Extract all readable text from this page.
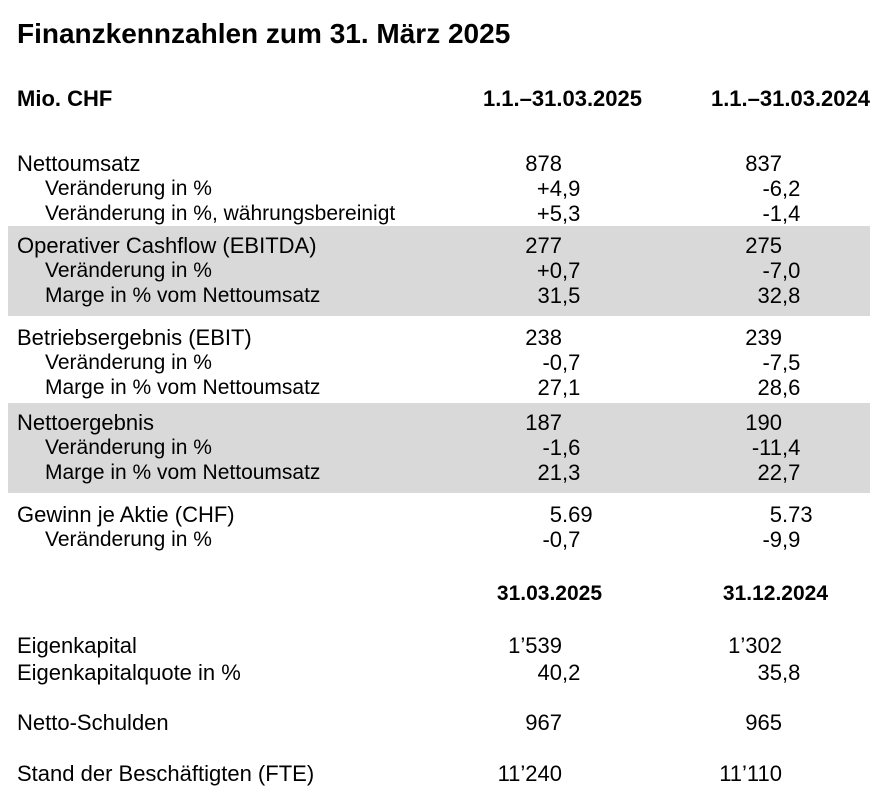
Finanzkennzahlen zum 31. März 2025
Mio. CHF	1.1.–31.03.2025	1.1.–31.03.2024
Nettoumsatz	878	837
Veränderung in %	+4 ,9	-6 ,2
Veränderung in %, währungsbereinigt	+5 ,3	-1 ,4
Operativer Cashflow (EBITDA)	277	275
Veränderung in %	+0 ,7	-7 ,0
Marge in % vom Nettoumsatz	31 ,5	32 ,8
Betriebsergebnis (EBIT)	238	239
Veränderung in %	-0 ,7	-7 ,5
Marge in % vom Nettoumsatz	27 ,1	28 ,6
Nettoergebnis	187	190
Veränderung in %	-1 ,6	-11 ,4
Marge in % vom Nettoumsatz	21 ,3	22 ,7
Gewinn je Aktie (CHF)	5 .69	5 .73
Veränderung in %	-0 ,7	-9 ,9
31.03.2025	31.12.2024
Eigenkapital	1’539	1’302
Eigenkapitalquote in %	40 ,2	35 ,8
Netto-Schulden	967	965
Stand der Beschäftigten (FTE)	11’240	11’110
